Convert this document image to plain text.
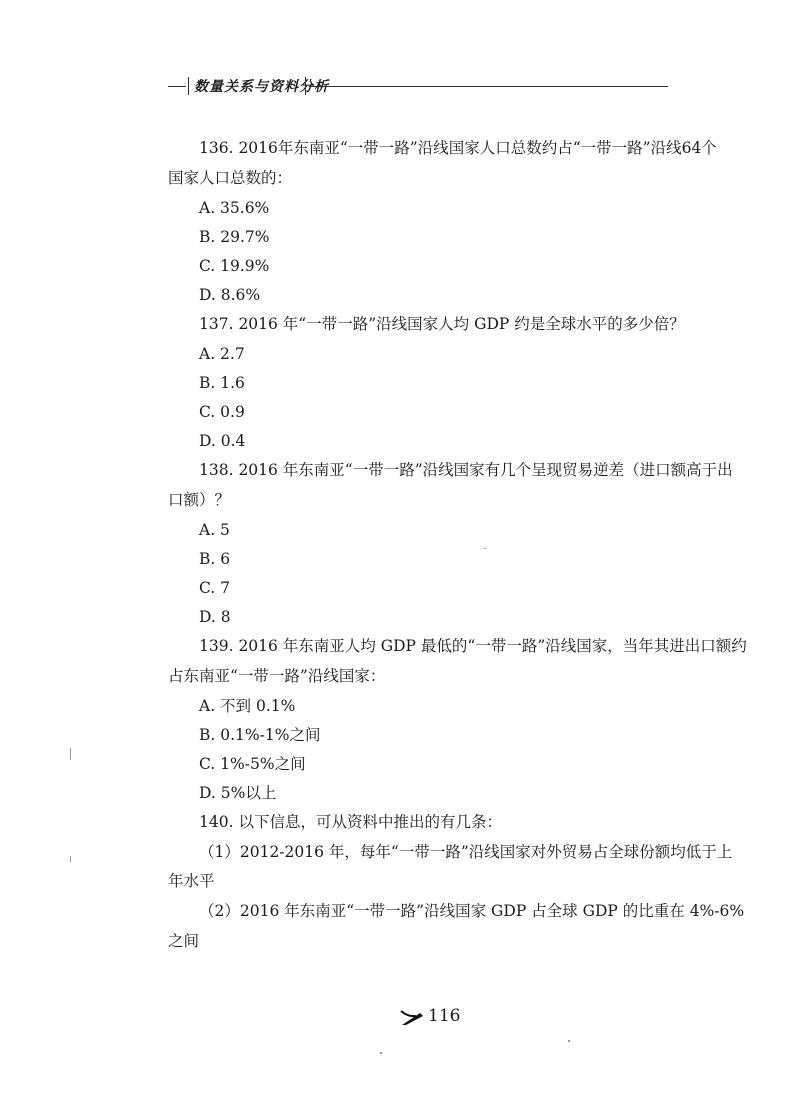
数量关系与资料分析
136. 2016年东南亚“一带一路”沿线国家人口总数约占“一带一路”沿线64个
国家人口总数的：
A. 35.6%
B. 29.7%
C. 19.9%
D. 8.6%
137. 2016 年“一带一路”沿线国家人均 GDP 约是全球水平的多少倍？
A. 2.7
B. 1.6
C. 0.9
D. 0.4
138. 2016 年东南亚“一带一路”沿线国家有几个呈现贸易逆差（进口额高于出
口额）？
A. 5
B. 6
C. 7
D. 8
139. 2016 年东南亚人均 GDP 最低的“一带一路”沿线国家，当年其进出口额约
占东南亚“一带一路”沿线国家：
A. 不到 0.1%
B. 0.1%-1%之间
C. 1%-5%之间
D. 5%以上
140. 以下信息，可从资料中推出的有几条：
（1）2012-2016 年，每年“一带一路”沿线国家对外贸易占全球份额均低于上
年水平
（2）2016 年东南亚“一带一路”沿线国家 GDP 占全球 GDP 的比重在 4%-6%
之间
116
